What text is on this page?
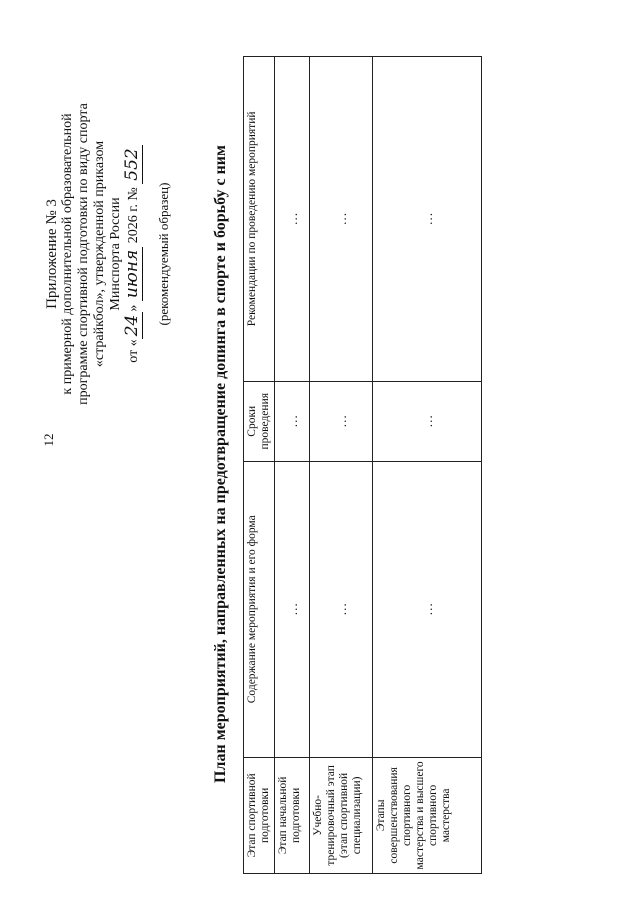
12
Приложение № 3 к примерной дополнительной образовательной программе спортивной подготовки по виду спорта «страйкбол», утвержденной приказом Минспорта России
от «24» июня 2026 г. № 552
(рекомендуемый образец)	План мероприятий, направленных на предотвращение допинга в спорте и борьбу с ним
Этап спортивной подготовки	Содержание мероприятия и его форма	Сроки проведения	Рекомендации по проведению мероприятий
Этап начальной подготовки	…	…	…
Учебно-тренировочный этап (этап спортивной специализации)	…	…	…
Этапы совершенствования спортивного мастерства и высшего спортивного мастерства	…	…	…
